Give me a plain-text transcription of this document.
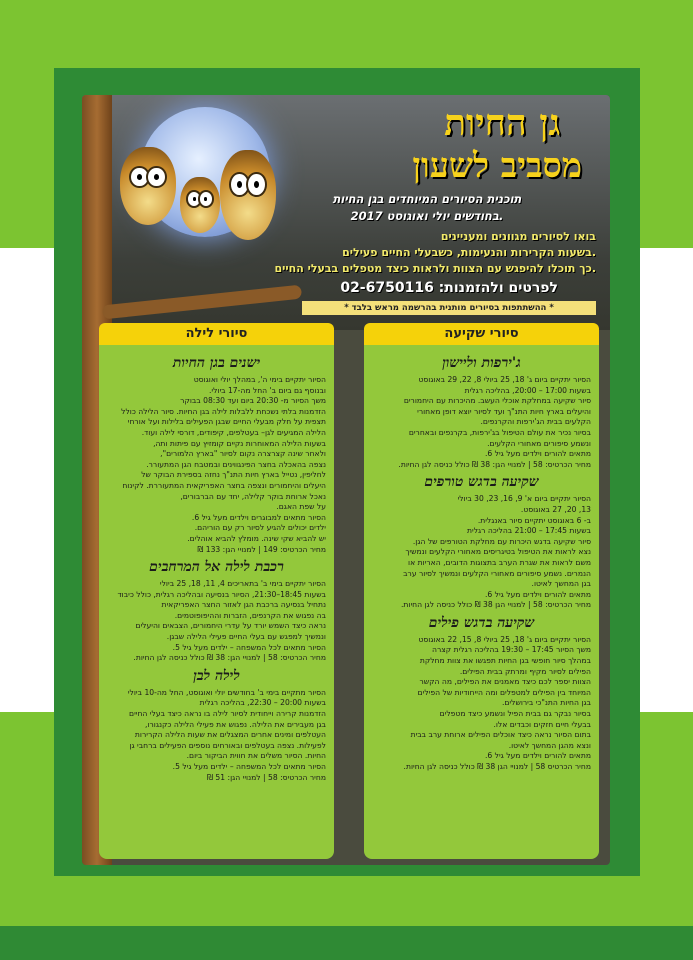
גן החיות
מסביב לשעון
תוכנית הסיורים המיוחדים בגן החיות
בחודשים יולי ואוגוסט 2017.
בואו לסיורים מגוונים ומעניינים
בשעות הקרירות והנעימות, כשבעלי החיים פעילים.
כך תוכלו להיפגש עם הצוות ולראות כיצד מטפלים בבעלי החיים.
לפרטים ולהזמנות: 02-6750116
* ההשתתפות בסיורים מותנית בהרשמה מראש בלבד *
סיורי שקיעה
ג'ירפות וליישון
הסיור יתקיים ביום ג' 18, 25 ביולי 8, 22, 29 באוגוסט
בשעות 17:00 – 20:00, בהליכה רגלית
סיור שקיעה במחלקת אוכלי העשב. מהיכרות עם היחמורים
והיעלים בארץ חיות התנ"ך ועד לסיור יוצא דופן מאחורי
הקלעים בבית הג'ירפות והקרנפים.
בסיור נכיר את עולם הטיפול בג'ירפות, בקרנפים ובאחרים
ונשמע סיפורים מאחורי הקלעים.
מתאים להורים וילדים מעל גיל 6.
מחיר הכרטיס: 58 | למנויי הגן: 38 ₪ כולל כניסה לגן החיות.
שקיעה בדגש טורפים
הסיור יתקיים ביום א' 9, 16, 23, 30 ביולי
13, 20, 27 באוגוסט.
ב- 6 באוגוסט יתקיים סיור באנגלית.
בשעות 17:45 – 21:00 בהליכה רגלית
סיור שקיעה בדגש היכרות עם מחלקת הטורפים של הגן.
נצא לראות את הטיפול בטיגריסים מאחורי הקלעים ונמשיך
משם לראות את שגרת הערב בתצוגות הדובים, האריות או
הנמרים. נשמע סיפורים מאחורי הקלעים ונמשיך לסיור ערב
בגן המחשך לאיטו.
מתאים להורים וילדים מעל גיל 6.
מחיר הכרטיס: 58 | למנויי הגן 38 ₪ כולל כניסה לגן החיות.
שקיעה בדגש פילים
הסיור יתקיים ביום ג' 18, 25 ביולי 8, 15, 22 באוגוסט
משך הסיור 17:45 – 19:30 בהליכה רגלית קצרה
במהלך סיור חופשי בגן החיות תפגשו את צוות מחלקת
הפילים לסיור מקיף ומרתק בבית הפילים.
הצוות יספר לכם כיצד מאמנים את הפילים, מה הקשר
המיוחד בין הפילים למטפלים ומה הייחודיות של הפילים
בגן החיות התנ"כי בירושלים.
בסיור נבקר גם בבית הפיל ונשמע כיצד מטפלים
בבעלי חיים חזקים וכבדים אלו.
בתום הסיור נראה כיצד אוכלים הפילים ארוחת ערב בבית
ונצא מהגן המחשך לאיטו.
מתאים להורים וילדים מעל גיל 6.
מחיר הכרטיס 58 | למנויי הגן 38 ₪ כולל כניסה לגן החיות.
סיורי לילה
ישנים בגן החיות
הסיור יתקיים בימי ה', במהלך יולי ואוגוסט
ובנוסף גם ביום ב' החל מה-17 ביולי.
משך הסיור מ- 20:30 ביום ועד 08:30 בבוקר
הזדמנות בלתי נשכחת ללבלות לילה בגן החיות. סיור הלילה כולל
תצפית על חלק מבעלי החיים שבגן הפעילים בלילות ועל אורחי
הלילה המגיעים לגן– בעטלפים, קיפודים, דורסי לילה ועוד.
בשעות הלילה המאוחרות נקיים קומזיץ עם פיתות ותה,
ולאחר שינה קצרצרה נקום לסיור "בארץ הלמורים",
נצפה בהאכלה בחצר הפינגווינים ובמטבח הגן המתעורר.
לחליפין, נטייל בארץ חיות התנ"ך נחזה בספירת הבוקר של
היעלים והיחמורים ונצפה בחצר האפריקאית המתעוררת. לקינוח
נאכל ארוחת בוקר קלילה, יחד עם הברבורים,
על שפת האגם.
הסיור מתאים למבוגרים וילדים מעל גיל 6.
ילדים יכולים להגיע לסיור רק עם הוריהם.
יש להביא שקי שינה. מומלץ להביא אוהלים.
מחיר הכרטיס: 149 | למנויי הגן: 133 ₪
רכבת לילה אל המרחבים
הסיור יתקיים בימי ב' בתאריכים 4, 11, 18, 25 ביולי
בשעות 18:45–21:30, הסיור בנסיעה ובהליכה רגלית, כולל כיבוד
נתחיל בנסיעה ברכבת הגן לאזור החצר האפריקאית
בה נפגוש את הקרנפים, הזברות וההיפופוטמים.
נראה כיצד השמש יורד על עדרי היחמורים, הצבאים והיעלים
ונמשיך למפגש עם בעלי החיים פעילי הלילה שבגן.
הסיור מתאים לכל המשפחה – ילדים מעל גיל 5.
מחיר הכרטיס: 58 | למנויי הגן: 38 ₪ כולל כניסה לגן החיות.
לילה לבן
הסיור מתקיים בימי ב' בחודשים יולי ואוגוסט, החל מה-10 ביולי
בשעות 20:00 – 22:30, בהליכה רגלית
הזדמנות קרירה וייחודית לסיור לילה בו נראה כיצד בעלי החיים
בגן מעבירים את הלילה. נפגוש את פעילי הלילה כקנגורו,
העטלפים ומינים אחרים המצגלים את שעות הלילה הקרירות
לפעילות. נצפה בעטלפים ובאורחים נוספים הפעילים ברחבי גן
החיות. הסיור משלים את חווית הביקור ביום.
הסיור מתאים לכל המשפחה – ילדים מעל גיל 5.
מחיר הכרטיס: 58 | למנויי הגן: 51 ₪
